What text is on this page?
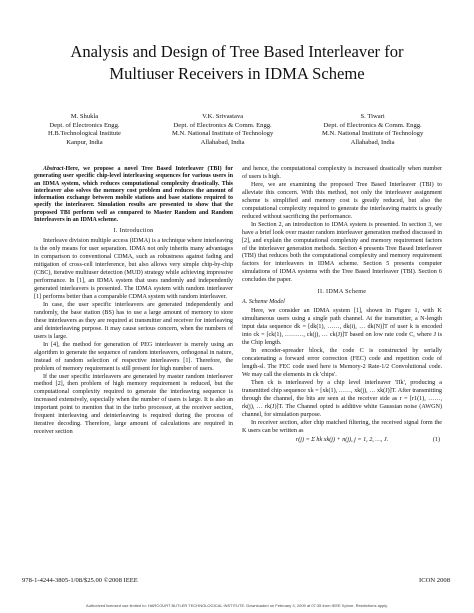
Analysis and Design of Tree Based Interleaver for
Multiuser Receivers in IDMA Scheme
M. Shukla
Dept. of Electronics Engg.
H.B.Technological Institute
Kanpur, India
V.K. Srivastava
Dept. of Electronics & Comm. Engg.
M.N. National Institute of Technology
Allahabad, India
S. Tiwari
Dept. of Electronics & Comm. Engg.
M.N. National Institute of Technology
Allahabad, India

Abstract-Here, we propose a novel Tree Based Interleaver (TBI) for generating user specific chip-level interleaving sequences for various users in an IDMA system, which reduces computational complexity drastically. This interleaver also solves the memory cost problem and reduces the amount of information exchange between mobile stations and base stations required to specify the interleaver. Simulation results are presented to show that the proposed TBI perform well as compared to Master Random and Random Interleavers in an IDMA scheme.

I. Introduction

Interleave division multiple access (IDMA) is a technique where interleaving is the only means for user separation. IDMA not only inherits many advantages in comparison to conventional CDMA, such as robustness against fading and mitigation of cross-cell interference, but also allows very simple chip-by-chip (CBC), iterative multiuser detection (MUD) strategy while achieving impressive performance. In [1], an IDMA system that uses randomly and independently generated interleavers is presented. The IDMA system with random interleaver [1] performs better than a comparable CDMA system with random interleaver.

In case, the user specific interleavers are generated independently and randomly, the base station (BS) has to use a large amount of memory to store these interleavers as they are required at transmitter and receiver for interleaving and deinterleaving purpose. It may cause serious concern, when the numbers of users is large.

In [4], the method for generation of PEG interleaver is merely using an algorithm to generate the sequence of random interleavers, orthogonal in nature, instead of random selection of respective interleavers [1]. Therefore, the problem of memory requirement is still present for high number of users.

If the user specific interleavers are generated by master random interleaver method [2], then problem of high memory requirement is reduced, but the computational complexity required to generate the interleaving sequence is increased extensively, especially when the number of users is large. It is also an important point to mention that in the turbo processor, at the receiver section, frequent interleaving and deinterleaving is required during the process of iterative decoding. Therefore, large amount of calculations are required in receiver section

and hence, the computational complexity is increased drastically when number of users is high.

Here, we are examining the proposed Tree Based Interleaver (TBI) to alleviate this concern. With this method, not only the interleaver assignment scheme is simplified and memory cost is greatly reduced, but also the computational complexity required to generate the interleaving matrix is greatly reduced without sacrificing the performance.

In Section 2, an introduction to IDMA system is presented. In section 3, we have a brief look over master random interleaver generation method discussed in [2], and explain the computational complexity and memory requirement factors of the interleaver generation methods. Section 4 presents Tree Based Interleaver (TBI) that reduces both the computational complexity and memory requirement factors for interleavers in IDMA scheme. Section 5 presents computer simulations of IDMA systems with the Tree Based Interleaver (TBI). Section 6 concludes the paper.

II. IDMA Scheme
A. Scheme Model

Here, we consider an IDMA system [1], shown in Figure 1, with K simultaneous users using a single path channel. At the transmitter, a N-length input data sequence dk = [dk(1), ……, dk(i), … dk(N)]T of user k is encoded into ck = [ck(1), ………, ck(j), … ck(J)]T based on low rate code C, where J is the Chip length.

In encoder-spreader block, the code C is constructed by serially concatenating a forward error correction (FEC) code and repetition code of length-sl. The FEC code used here is Memory-2 Rate-1/2 Convolutional code. We may call the elements in ck 'chips'.

Then ck is interleaved by a chip level interleaver 'Πk', producing a transmitted chip sequence xk = [xk(1), ……, xk(j), … xk(J)]T. After transmitting through the channel, the bits are seen at the receiver side as r = [r1(1), ……, rk(j), … rk(J)]T. The Channel opted is additive white Gaussian noise (AWGN) channel, for simulation purpose.

In receiver section, after chip matched filtering, the received signal form the K users can be written as

r(j) = Σ hk xk(j) + n(j), j = 1, 2, …, J.	(1)
978-1-4244-3805-1/08/$25.00 ©2008 IEEE	ICON 2008
Authorized licensed use limited to: HARCOURT BUTLER TECHNOLOGICAL INSTITUTE. Downloaded on February 3, 2009 at 07:35 from IEEE Xplore. Restrictions apply.
